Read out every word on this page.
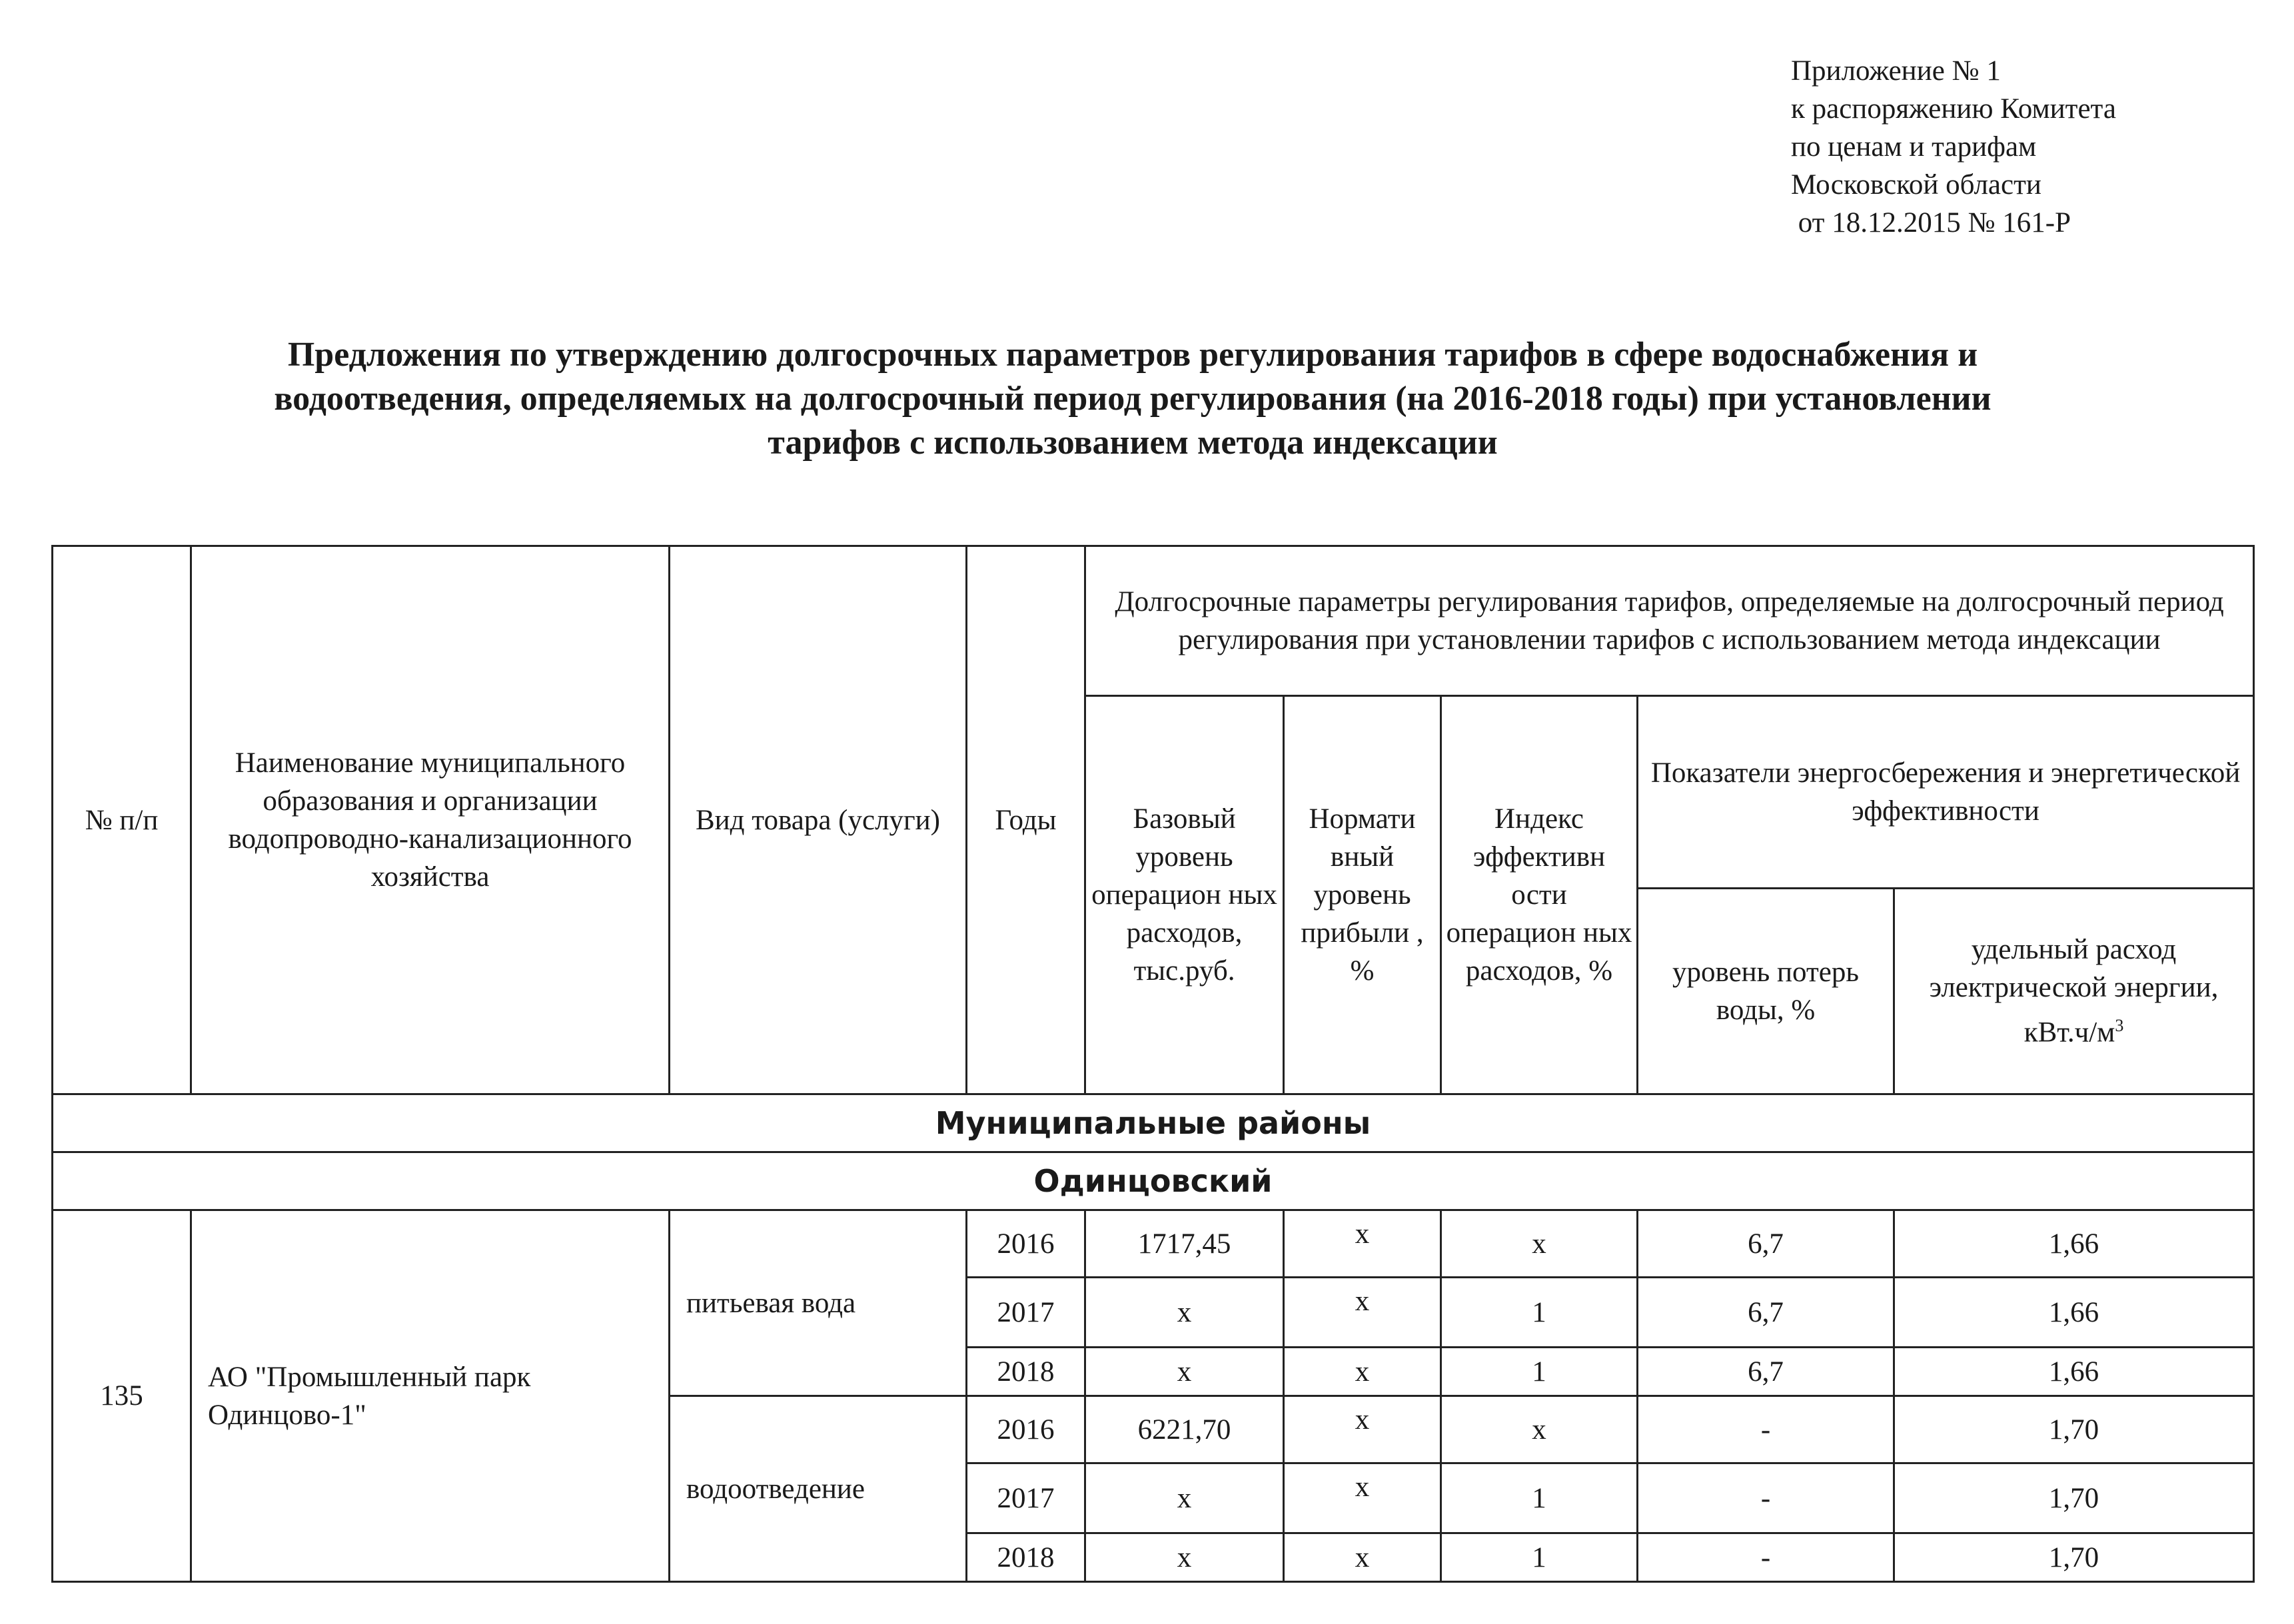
Приложение № 1
к распоряжению Комитета
по ценам и тарифам
Московской области
от 18.12.2015 № 161-Р
Предложения по утверждению долгосрочных параметров регулирования тарифов в сфере водоснабжения и
водоотведения, определяемых на долгосрочный период регулирования (на 2016-2018 годы) при установлении
тарифов с использованием метода индексации
№ п/п	Наименование муниципального образования и организации водопроводно-канализационного хозяйства	Вид товара (услуги)	Годы	Долгосрочные параметры регулирования тарифов, определяемые на долгосрочный период регулирования при установлении тарифов с использованием метода индексации				
				Базовый уровень операцион ных расходов, тыс.руб.	Нормати вный уровень прибыли , %	Индекс эффективн ости операцион ных расходов, %	Показатели энергосбережения и энергетической эффективности	
							уровень потерь воды, %	удельный расход электрической энергии, $кВт.ч/м^3$
Муниципальные районы								
Одинцовский								
135	АО "Промышленный парк Одинцово-1"	питьевая вода	2016	1717,45	х	х	6,7	1,66
			2017	х	х	1	6,7	1,66
			2018	х	х	1	6,7	1,66
		водоотведение	2016	6221,70	х	х	-	1,70
			2017	х	х	1	-	1,70
			2018	х	х	1	-	1,70
